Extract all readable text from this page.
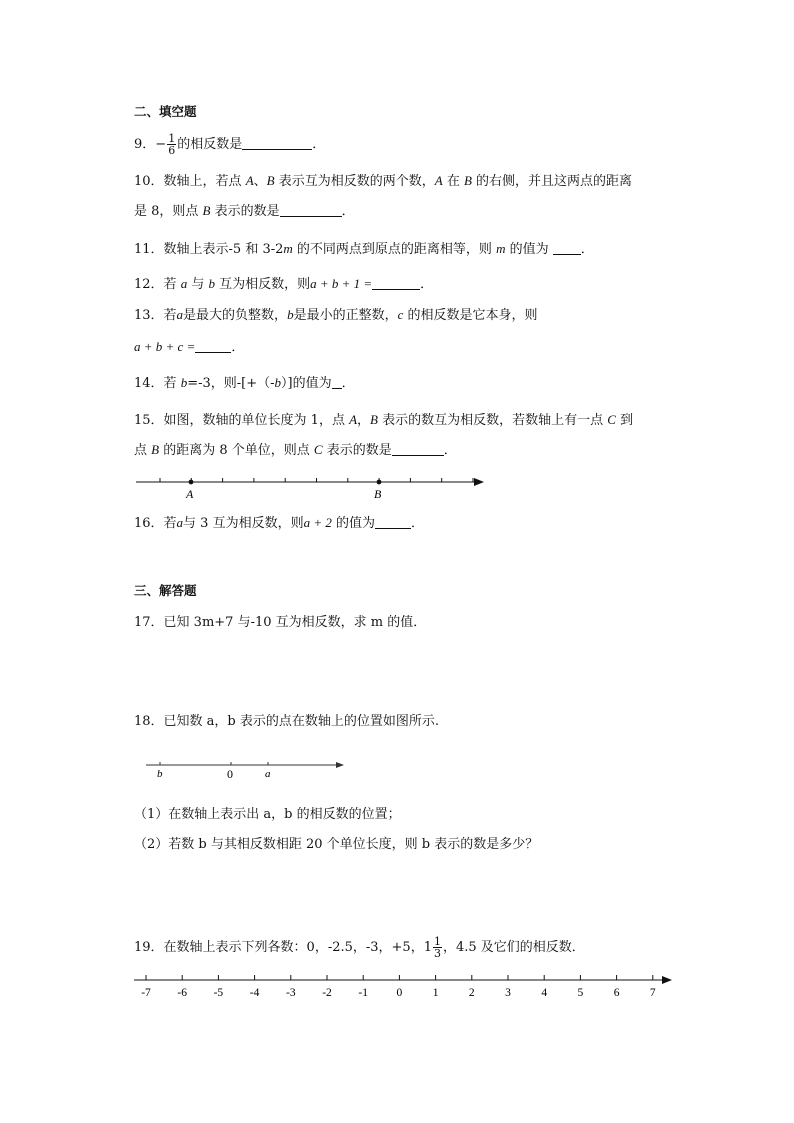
二、填空题
9．− $\frac{1}{6}$ 的相反数是	．
10．数轴上，若点 A、B 表示互为相反数的两个数，A 在 B 的右侧，并且这两点的距离
是 8，则点 B 表示的数是	．
11．数轴上表示-5 和 3-2m 的不同两点到原点的距离相等，则 m 的值为 ．
12．若 a 与 b 互为相反数，则a + b + 1 =	．
13．若a是最大的负整数，b是最小的正整数，c 的相反数是它本身，则
a + b + c =	．
14．若 b=-3，则-[+（-b）]的值为 ．
15．如图，数轴的单位长度为 1，点 A，B 表示的数互为相反数，若数轴上有一点 C 到
点 B 的距离为 8 个单位，则点 C 表示的数是	．
A	B
16．若a与 3 互为相反数，则a + 2 的值为	．
三、解答题
17．已知 3m+7 与-10 互为相反数，求 m 的值．
18．已知数 a，b 表示的点在数轴上的位置如图所示.
b	0	a
（1）在数轴上表示出 a，b 的相反数的位置；
（2）若数 b 与其相反数相距 20 个单位长度，则 b 表示的数是多少？
19．在数轴上表示下列各数：0，-2.5，-3，+5，$1 \frac{1}{3}$ ，4.5 及它们的相反数．
-7 -6 -5 -4 -3 -2 -1 0	1	2	3	4	5	6	7
